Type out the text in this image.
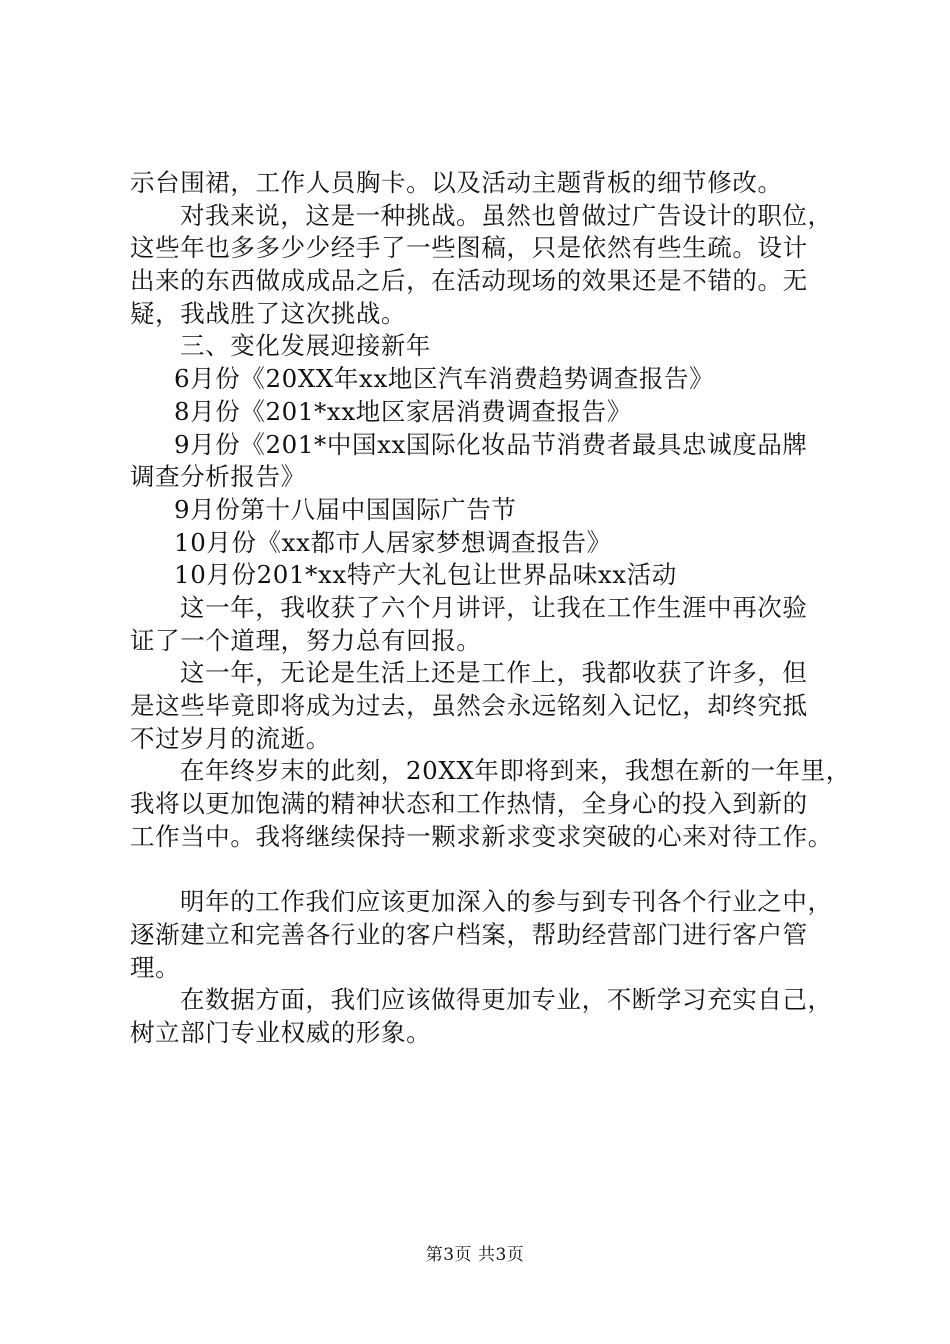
示台围裙，工作人员胸卡。以及活动主题背板的细节修改。
对我来说，这是一种挑战。虽然也曾做过广告设计的职位，
这些年也多多少少经手了一些图稿，只是依然有些生疏。设计
出来的东西做成成品之后，在活动现场的效果还是不错的。无
疑，我战胜了这次挑战。
三、变化发展迎接新年
6月份《20XX年xx地区汽车消费趋势调查报告》
8月份《201*xx地区家居消费调查报告》
9月份《201*中国xx国际化妆品节消费者最具忠诚度品牌
调查分析报告》
9月份第十八届中国国际广告节
10月份《xx都市人居家梦想调查报告》
10月份201*xx特产大礼包让世界品味xx活动
这一年，我收获了六个月讲评，让我在工作生涯中再次验
证了一个道理，努力总有回报。
这一年，无论是生活上还是工作上，我都收获了许多，但
是这些毕竟即将成为过去，虽然会永远铭刻入记忆，却终究抵
不过岁月的流逝。
在年终岁末的此刻，20XX年即将到来，我想在新的一年里，
我将以更加饱满的精神状态和工作热情，全身心的投入到新的
工作当中。我将继续保持一颗求新求变求突破的心来对待工作。
明年的工作我们应该更加深入的参与到专刊各个行业之中，
逐渐建立和完善各行业的客户档案，帮助经营部门进行客户管
理。
在数据方面，我们应该做得更加专业，不断学习充实自己，
树立部门专业权威的形象。
第3页 共3页
